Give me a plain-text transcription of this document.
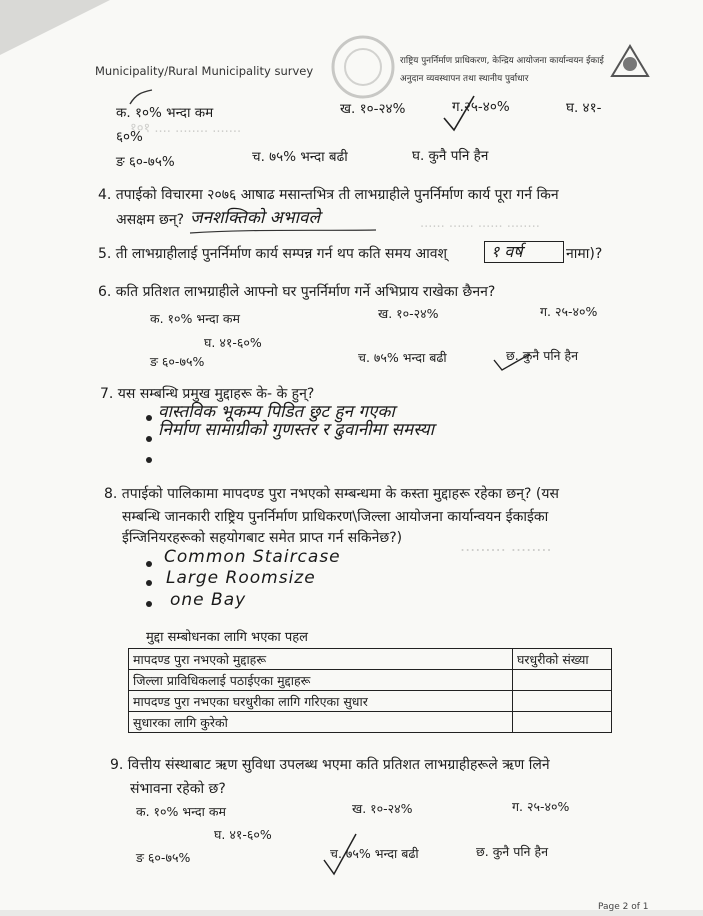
Municipality/Rural Municipality survey
राष्ट्रिय पुनर्निर्माण प्राधिकरण, केन्द्रिय आयोजना कार्यान्वयन ईकाई
अनुदान व्यवस्थापन तथा स्थानीय पुर्वाधार
१०१ .... ........ .......
...... ...... ...... ........
......... ........
क. १०% भन्दा कम	ख. १०-२४%	ग.२५-४०%	घ. ४१-
६०%
ङ ६०-७५%	च. ७५% भन्दा बढी	घ. कुनै पनि हैन
4. तपाईको विचारमा २०७६ आषाढ मसान्तभित्र ती लाभग्राहीले पुनर्निर्माण कार्य पूरा गर्न किन
असक्षम छन्? जनशक्तिको अभावले
5. ती लाभग्राहीलाई पुनर्निर्माण कार्य सम्पन्न गर्न थप कति समय आवश्	१ वर्ष	नामा)?
6. कति प्रतिशत लाभग्राहीले आफ्नो घर पुनर्निर्माण गर्ने अभिप्राय राखेका छैनन?
क. १०% भन्दा कम	ख. १०-२४%	ग. २५-४०%
घ. ४१-६०%
ङ ६०-७५%	च. ७५% भन्दा बढी	छ. कुनै पनि हैन
7. यस सम्बन्धि प्रमुख मुद्दाहरू के- के हुन्?
वास्तविक भूकम्प पिडित छुट हुन गएका
निर्माण सामाग्रीको गुणस्तर र ढुवानीमा समस्या
8. तपाईको पालिकामा मापदण्ड पुरा नभएको सम्बन्धमा के कस्ता मुद्दाहरू रहेका छन्? (यस
सम्बन्धि जानकारी राष्ट्रिय पुनर्निर्माण प्राधिकरण\जिल्ला आयोजना कार्यान्वयन ईकाईका
ईन्जिनियरहरूको सहयोगबाट समेत प्राप्त गर्न सकिनेछ?)
Common Staircase
Large Roomsize
one Bay
मुद्दा सम्बोधनका लागि भएका पहल
मापदण्ड पुरा नभएको मुद्दाहरू	घरधुरीको संख्या
जिल्ला प्राविधिकलाई पठाईएका मुद्दाहरू	
मापदण्ड पुरा नभएका घरधुरीका लागि गरिएका सुधार	
सुधारका लागि कुरेको	
9. वित्तीय संस्थाबाट ऋण सुविधा उपलब्ध भएमा कति प्रतिशत लाभग्राहीहरूले ऋण लिने
संभावना रहेको छ?
क. १०% भन्दा कम	ख. १०-२४%	ग. २५-४०%
घ. ४१-६०%
ङ ६०-७५%	च. ७५% भन्दा बढी	छ. कुनै पनि हैन
Page 2 of 1
